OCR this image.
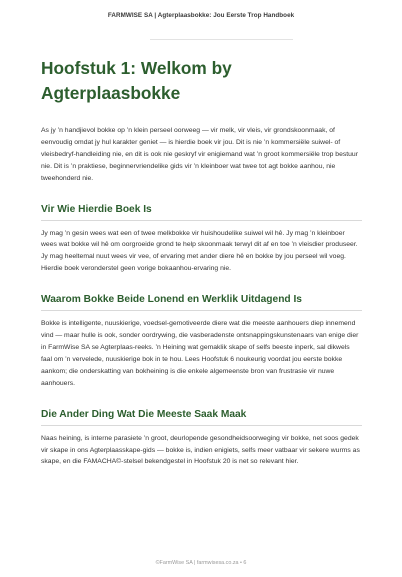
FARMWISE SA | Agterplaasbokke: Jou Eerste Trop Handboek
Hoofstuk 1: Welkom by
Agterplaasbokke

As jy ’n handjievol bokke op ’n klein perseel oorweeg — vir melk, vir vleis, vir grondskoonmaak, of eenvoudig omdat jy hul karakter geniet — is hierdie boek vir jou. Dit is nie ’n kommersiële suiwel- of vleisbedryf-handleiding nie, en dit is ook nie geskryf vir enigiemand wat ’n groot kommersiële trop bestuur nie. Dit is ’n praktiese, beginnervriendelike gids vir ’n kleinboer wat twee tot agt bokke aanhou, nie tweehonderd nie.

Vir Wie Hierdie Boek Is

Jy mag ’n gesin wees wat een of twee melkbokke vir huishoudelike suiwel wil hê. Jy mag ’n kleinboer wees wat bokke wil hê om oorgroeide grond te help skoonmaak terwyl dit af en toe ’n vleisdier produseer. Jy mag heeltemal nuut wees vir vee, of ervaring met ander diere hê en bokke by jou perseel wil voeg. Hierdie boek veronderstel geen vorige bokaanhou-ervaring nie.

Waarom Bokke Beide Lonend en Werklik Uitdagend Is

Bokke is intelligente, nuuskierige, voedsel-gemotiveerde diere wat die meeste aanhouers diep innemend vind — maar hulle is ook, sonder oordrywing, die vasberadenste ontsnappingskunstenaars van enige dier in FarmWise SA se Agterplaas-reeks. ’n Heining wat gemaklik skape of selfs beeste inperk, sal dikwels faal om ’n vervelede, nuuskierige bok in te hou. Lees Hoofstuk 6 noukeurig voordat jou eerste bokke aankom; die onderskatting van bokheining is die enkele algemeenste bron van frustrasie vir nuwe aanhouers.

Die Ander Ding Wat Die Meeste Saak Maak

Naas heining, is interne parasiete ’n groot, deurlopende gesondheidsoorweging vir bokke, net soos gedek vir skape in ons Agterplaasskape-gids — bokke is, indien enigiets, selfs meer vatbaar vir sekere wurms as skape, en die FAMACHA©-stelsel bekendgestel in Hoofstuk 20 is net so relevant hier.

©FarmWise SA | farmwisesa.co.za • 6
